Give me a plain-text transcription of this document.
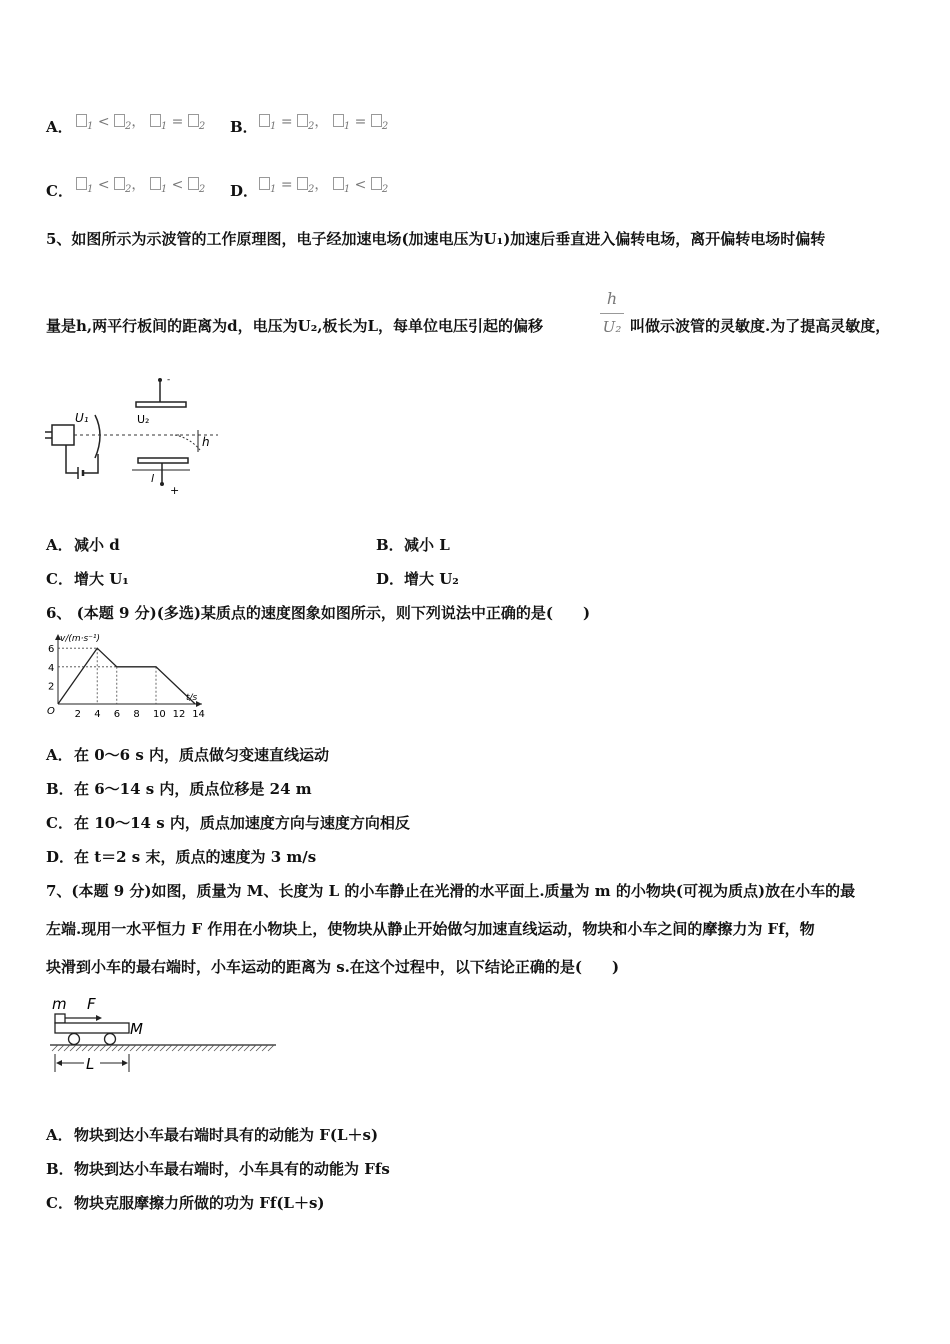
A．	$_1$ < $_2$， $_1$ = $_2$ B．	$_1$ = $_2$， $_1$ = $_2$
C．	$_1$ < $_2$， $_1$ < $_2$ D．	$_1$ = $_2$， $_1$ < $_2$
5、如图所示为示波管的工作原理图，电子经加速电场(加速电压为U₁)加速后垂直进入偏转电场，离开偏转电场时偏转
量是h,两平行板间的距离为d，电压为U₂,板长为L，每单位电压引起的偏移
h
U₂ 叫做示波管的灵敏度.为了提高灵敏度，
U₁
-
U₂
+
l
h
A． 减小 d	B． 减小 L
C． 增大 U₁	D． 增大 U₂
6、 (本题 9 分)(多选)某质点的速度图象如图所示，则下列说法中正确的是(　　)
v/(m·s⁻¹)
t/s
O 2 4 6 8 10 12 14
2
4
6
A． 在 0～6 s 内，质点做匀变速直线运动
B． 在 6～14 s 内，质点位移是 24 m
C． 在 10～14 s 内，质点加速度方向与速度方向相反
D． 在 t＝2 s 末，质点的速度为 3 m/s
7、(本题 9 分)如图，质量为 M、长度为 L 的小车静止在光滑的水平面上.质量为 m 的小物块(可视为质点)放在小车的最
左端.现用一水平恒力 F 作用在小物块上，使物块从静止开始做匀加速直线运动，物块和小车之间的摩擦力为 Ff，物
块滑到小车的最右端时，小车运动的距离为 s.在这个过程中，以下结论正确的是(　　)
m F
M
L
A． 物块到达小车最右端时具有的动能为 F(L＋s)
B． 物块到达小车最右端时，小车具有的动能为 Ffs
C． 物块克服摩擦力所做的功为 Ff(L＋s)
